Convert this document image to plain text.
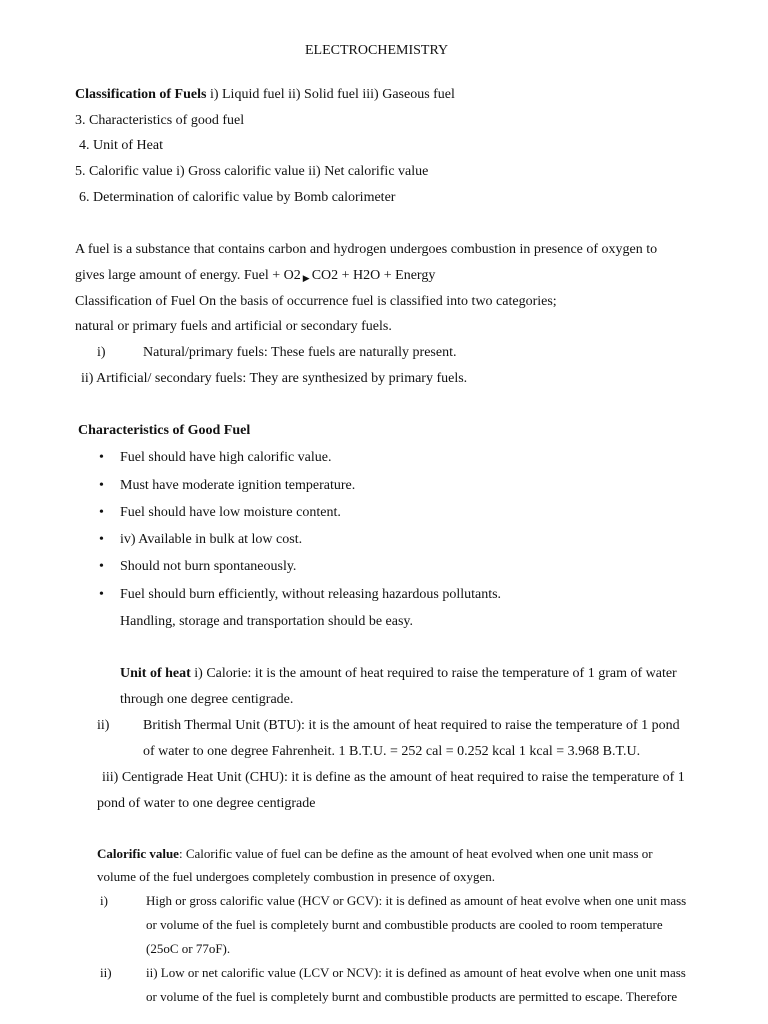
ELECTROCHEMISTRY
Classification of Fuels i) Liquid fuel ii) Solid fuel iii) Gaseous fuel
3. Characteristics of good fuel
4. Unit of Heat
5. Calorific value i) Gross calorific value ii) Net calorific value
6. Determination of calorific value by Bomb calorimeter
A fuel is a substance that contains carbon and hydrogen undergoes combustion in presence of oxygen to
gives large amount of energy. Fuel + O2 ▶ CO2 + H2O + Energy
Classification of Fuel On the basis of occurrence fuel is classified into two categories;
natural or primary fuels and artificial or secondary fuels.
i)	Natural/primary fuels: These fuels are naturally present.
ii) Artificial/ secondary fuels: They are synthesized by primary fuels.
Characteristics of Good Fuel
• Fuel should have high calorific value.
• Must have moderate ignition temperature.
• Fuel should have low moisture content.
• iv) Available in bulk at low cost.
• Should not burn spontaneously.
• Fuel should burn efficiently, without releasing hazardous pollutants.
Handling, storage and transportation should be easy.
Unit of heat i) Calorie: it is the amount of heat required to raise the temperature of 1 gram of water
through one degree centigrade.
ii) British Thermal Unit (BTU): it is the amount of heat required to raise the temperature of 1 pond
of water to one degree Fahrenheit. 1 B.T.U. = 252 cal = 0.252 kcal 1 kcal = 3.968 B.T.U.
iii) Centigrade Heat Unit (CHU): it is define as the amount of heat required to raise the temperature of 1
pond of water to one degree centigrade
Calorific value: Calorific value of fuel can be define as the amount of heat evolved when one unit mass or
volume of the fuel undergoes completely combustion in presence of oxygen.
i)	High or gross calorific value (HCV or GCV): it is defined as amount of heat evolve when one unit mass
or volume of the fuel is completely burnt and combustible products are cooled to room temperature
(25oC or 77oF).
ii)	ii) Low or net calorific value (LCV or NCV): it is defined as amount of heat evolve when one unit mass
or volume of the fuel is completely burnt and combustible products are permitted to escape. Therefore
